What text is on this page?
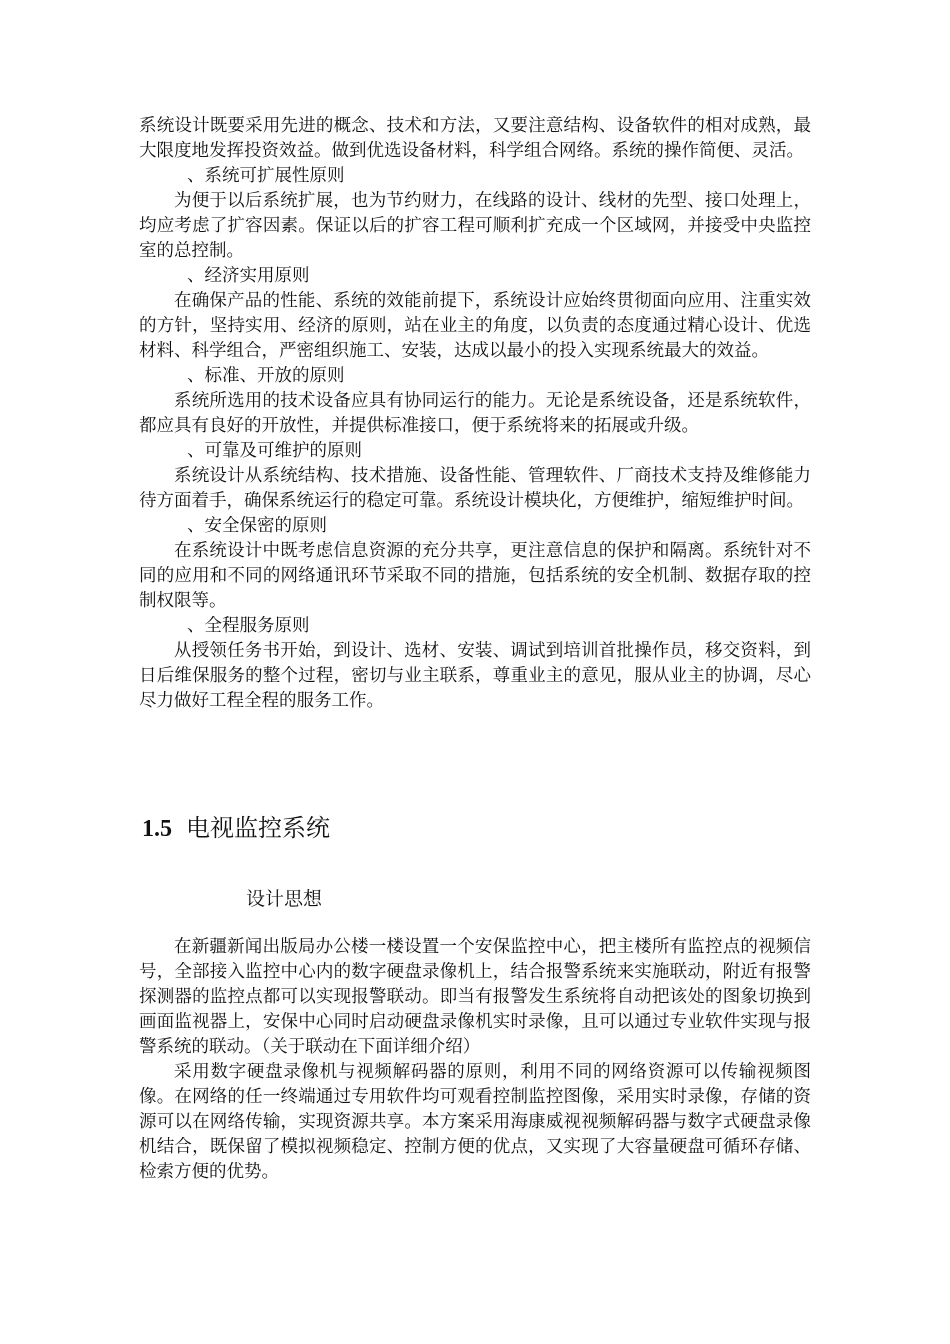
系统设计既要采用先进的概念、技术和方法，又要注意结构、设备软件的相对成熟，最大限度地发挥投资效益。做到优选设备材料，科学组合网络。系统的操作简便、灵活。

、系统可扩展性原则

为便于以后系统扩展，也为节约财力，在线路的设计、线材的先型、接口处理上，均应考虑了扩容因素。保证以后的扩容工程可顺利扩充成一个区域网，并接受中央监控室的总控制。

、经济实用原则

在确保产品的性能、系统的效能前提下，系统设计应始终贯彻面向应用、注重实效的方针，坚持实用、经济的原则，站在业主的角度，以负责的态度通过精心设计、优选材料、科学组合，严密组织施工、安装，达成以最小的投入实现系统最大的效益。

、标准、开放的原则

系统所选用的技术设备应具有协同运行的能力。无论是系统设备，还是系统软件，都应具有良好的开放性，并提供标准接口，便于系统将来的拓展或升级。

、可靠及可维护的原则

系统设计从系统结构、技术措施、设备性能、管理软件、厂商技术支持及维修能力待方面着手，确保系统运行的稳定可靠。系统设计模块化，方便维护，缩短维护时间。

、安全保密的原则

在系统设计中既考虑信息资源的充分共享，更注意信息的保护和隔离。系统针对不同的应用和不同的网络通讯环节采取不同的措施，包括系统的安全机制、数据存取的控制权限等。

、全程服务原则

从授领任务书开始，到设计、选材、安装、调试到培训首批操作员，移交资料，到日后维保服务的整个过程，密切与业主联系，尊重业主的意见，服从业主的协调，尽心尽力做好工程全程的服务工作。

1.5 电视监控系统
设计思想

在新疆新闻出版局办公楼一楼设置一个安保监控中心，把主楼所有监控点的视频信号，全部接入监控中心内的数字硬盘录像机上，结合报警系统来实施联动，附近有报警探测器的监控点都可以实现报警联动。即当有报警发生系统将自动把该处的图象切换到画面监视器上，安保中心同时启动硬盘录像机实时录像，且可以通过专业软件实现与报警系统的联动。（关于联动在下面详细介绍）

采用数字硬盘录像机与视频解码器的原则，利用不同的网络资源可以传输视频图像。在网络的任一终端通过专用软件均可观看控制监控图像，采用实时录像，存储的资源可以在网络传输，实现资源共享。本方案采用海康威视视频解码器与数字式硬盘录像机结合，既保留了模拟视频稳定、控制方便的优点，又实现了大容量硬盘可循环存储、检索方便的优势。
